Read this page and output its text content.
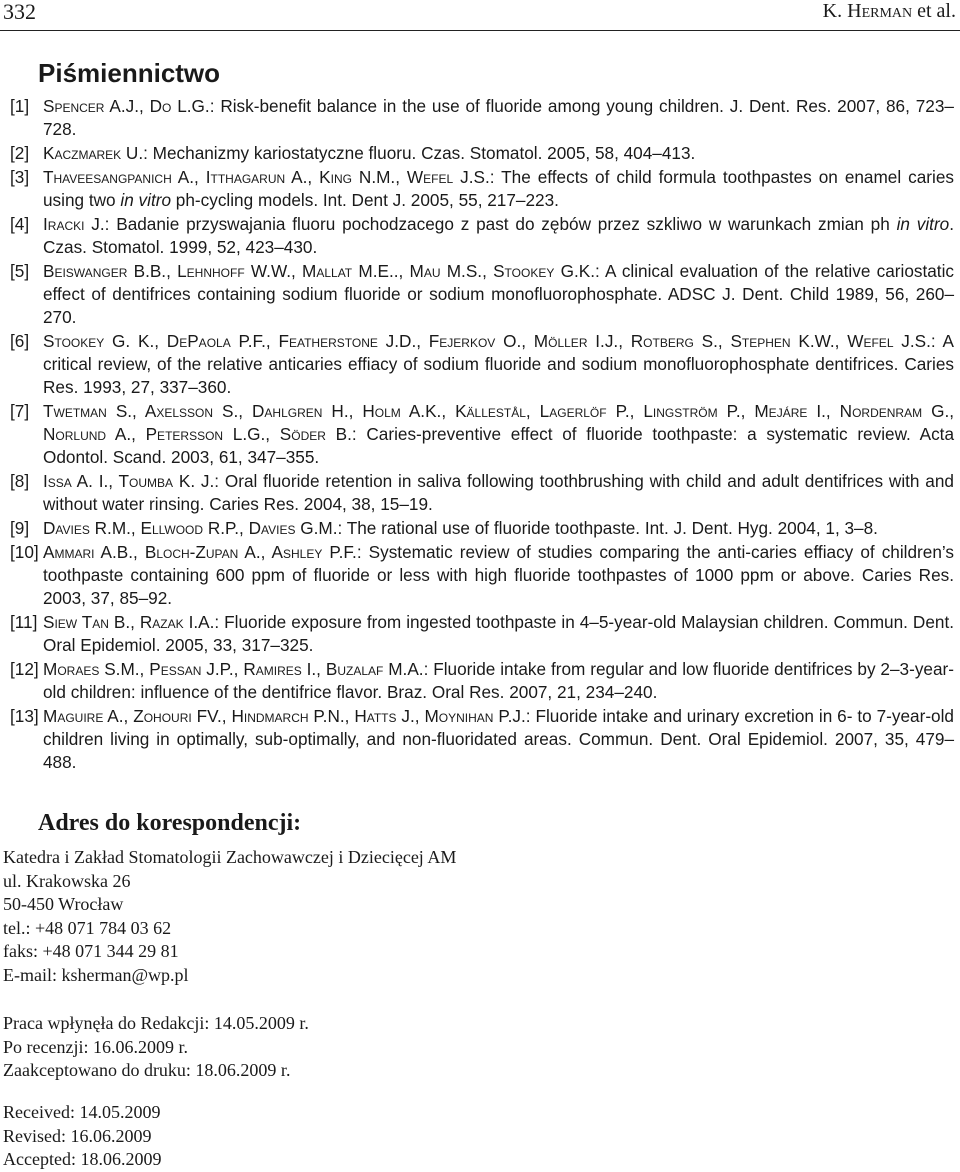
332	K. Herman et al.
Piśmiennictwo

[1] Spencer A.J., Do L.G.: Risk-benefit balance in the use of fluoride among young children. J. Dent. Res. 2007, 86, 723–728.

[2] Kaczmarek U.: Mechanizmy kariostatyczne fluoru. Czas. Stomatol. 2005, 58, 404–413.

[3] Thaveesangpanich A., Itthagarun A., King N.M., Wefel J.S.: The effects of child formula toothpastes on enamel caries using two in vitro ph-cycling models. Int. Dent J. 2005, 55, 217–223.

[4] Iracki J.: Badanie przyswajania fluoru pochodzacego z past do zębów przez szkliwo w warunkach zmian ph in vitro. Czas. Stomatol. 1999, 52, 423–430.

[5] Beiswanger B.B., Lehnhoff W.W., Mallat M.E.., Mau M.S., Stookey G.K.: A clinical evaluation of the relative cariostatic effect of dentifrices containing sodium fluoride or sodium monofluorophosphate. ADSC J. Dent. Child 1989, 56, 260–270.

[6] Stookey G. K., DePaola P.F., Featherstone J.D., Fejerkov O., Möller I.J., Rotberg S., Stephen K.W., Wefel J.S.: A critical review, of the relative anticaries effiacy of sodium fluoride and sodium monofluorophosphate dentifrices. Caries Res. 1993, 27, 337–360.

[7] Twetman S., Axelsson S., Dahlgren H., Holm A.K., Källestål, Lagerlöf P., Lingström P., Mejáre I., Nordenram G., Norlund A., Petersson L.G., Söder B.: Caries-preventive effect of fluoride toothpaste: a systematic review. Acta Odontol. Scand. 2003, 61, 347–355.

[8] Issa A. I., Toumba K. J.: Oral fluoride retention in saliva following toothbrushing with child and adult dentifrices with and without water rinsing. Caries Res. 2004, 38, 15–19.

[9] Davies R.M., Ellwood R.P., Davies G.M.: The rational use of fluoride toothpaste. Int. J. Dent. Hyg. 2004, 1, 3–8.

[10] Ammari A.B., Bloch-Zupan A., Ashley P.F.: Systematic review of studies comparing the anti-caries effiacy of children’s toothpaste containing 600 ppm of fluoride or less with high fluoride toothpastes of 1000 ppm or above. Caries Res. 2003, 37, 85–92.

[11] Siew Tan B., Razak I.A.: Fluoride exposure from ingested toothpaste in 4–5-year-old Malaysian children. Commun. Dent. Oral Epidemiol. 2005, 33, 317–325.

[12] Moraes S.M., Pessan J.P., Ramires I., Buzalaf M.A.: Fluoride intake from regular and low fluoride dentifrices by 2–3-year-old children: influence of the dentifrice flavor. Braz. Oral Res. 2007, 21, 234–240.

[13] Maguire A., Zohouri FV., Hindmarch P.N., Hatts J., Moynihan P.J.: Fluoride intake and urinary excretion in 6- to 7-year-old children living in optimally, sub-optimally, and non-fluoridated areas. Commun. Dent. Oral Epidemiol. 2007, 35, 479–488.

Adres do korespondencji:
Katedra i Zakład Stomatologii Zachowawczej i Dziecięcej AM
ul. Krakowska 26
50-450 Wrocław
tel.: +48 071 784 03 62
faks: +48 071 344 29 81
E-mail: ksherman@wp.pl
Praca wpłynęła do Redakcji: 14.05.2009 r.
Po recenzji: 16.06.2009 r.
Zaakceptowano do druku: 18.06.2009 r.
Received: 14.05.2009
Revised: 16.06.2009
Accepted: 18.06.2009
